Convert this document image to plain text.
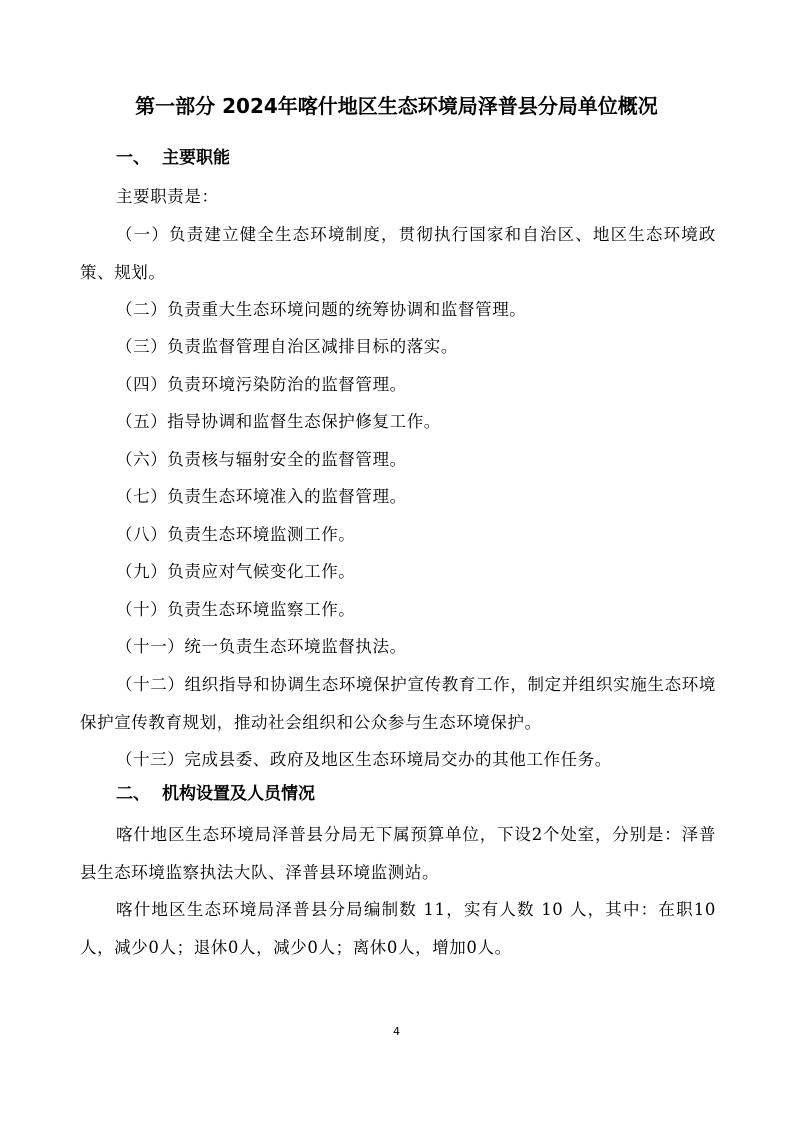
第一部分 2024年喀什地区生态环境局泽普县分局单位概况
一、 主要职能
主要职责是：
（一）负责建立健全生态环境制度，贯彻执行国家和自治区、地区生态环境政策、规划。
（二）负责重大生态环境问题的统筹协调和监督管理。
（三）负责监督管理自治区减排目标的落实。
（四）负责环境污染防治的监督管理。
（五）指导协调和监督生态保护修复工作。
（六）负责核与辐射安全的监督管理。
（七）负责生态环境准入的监督管理。
（八）负责生态环境监测工作。
（九）负责应对气候变化工作。
（十）负责生态环境监察工作。
（十一）统一负责生态环境监督执法。
（十二）组织指导和协调生态环境保护宣传教育工作，制定并组织实施生态环境保护宣传教育规划，推动社会组织和公众参与生态环境保护。
（十三）完成县委、政府及地区生态环境局交办的其他工作任务。
二、 机构设置及人员情况
喀什地区生态环境局泽普县分局无下属预算单位，下设2个处室，分别是：泽普县生态环境监察执法大队、泽普县环境监测站。
喀什地区生态环境局泽普县分局编制数 11，实有人数 10 人，其中：在职10人，减少0人；退休0人，减少0人；离休0人，增加0人。
4
